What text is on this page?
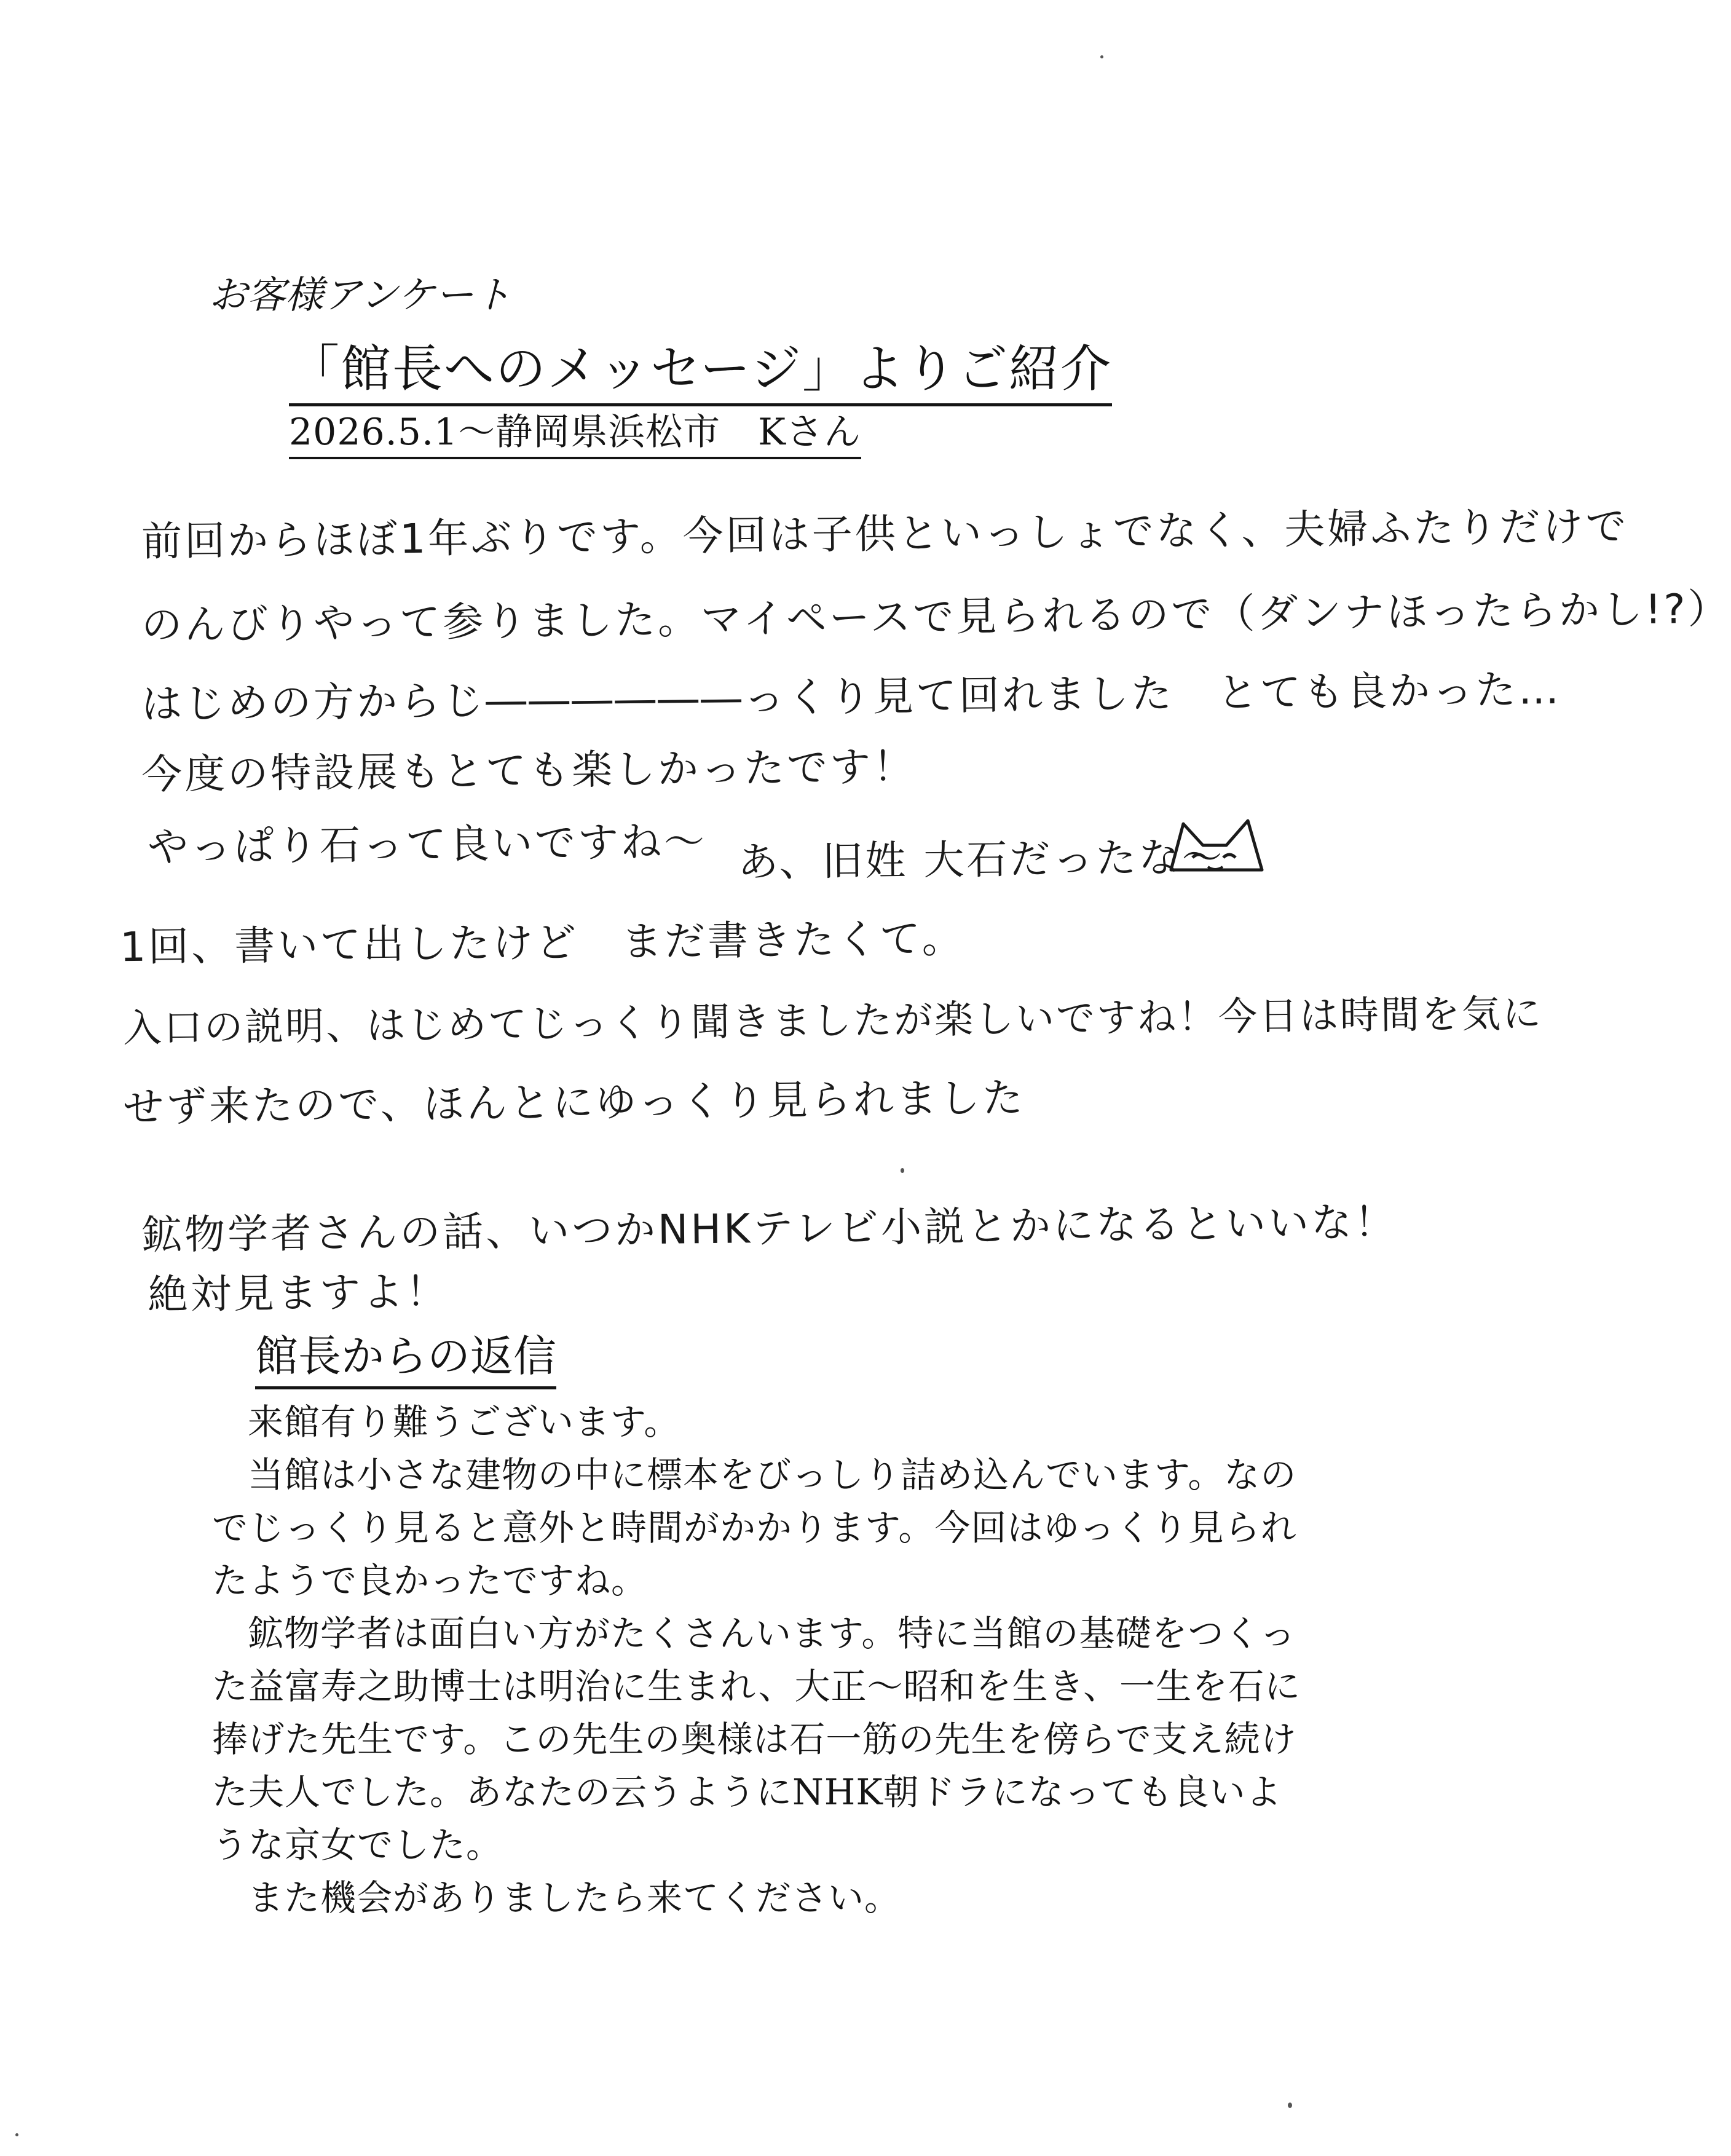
お客様アンケート
「館長へのメッセージ」よりご紹介
2026.5.1～静岡県浜松市　Kさん
前回からほぼ1年ぶりです。今回は子供といっしょでなく、夫婦ふたりだけで
のんびりやって参りました。マイペースで見られるので（ダンナほったらかし!?）
はじめの方からじ――――――っくり見て回れました　とても良かった…
今度の特設展もとても楽しかったです！
やっぱり石って良いですね～ あ、旧姓 大石だったな～
1回、書いて出したけど　まだ書きたくて。
入口の説明、はじめてじっくり聞きましたが楽しいですね！今日は時間を気に
せず来たので、ほんとにゆっくり見られました
鉱物学者さんの話、いつかNHKテレビ小説とかになるといいな！
絶対見ますよ！
館長からの返信

来館有り難うございます。

当館は小さな建物の中に標本をびっしり詰め込んでいます。なのでじっくり見ると意外と時間がかかります。今回はゆっくり見られたようで良かったですね。

鉱物学者は面白い方がたくさんいます。特に当館の基礎をつくった益富寿之助博士は明治に生まれ、大正～昭和を生き、一生を石に捧げた先生です。この先生の奥様は石一筋の先生を傍らで支え続けた夫人でした。あなたの云うようにNHK朝ドラになっても良いような京女でした。

また機会がありましたら来てください。
